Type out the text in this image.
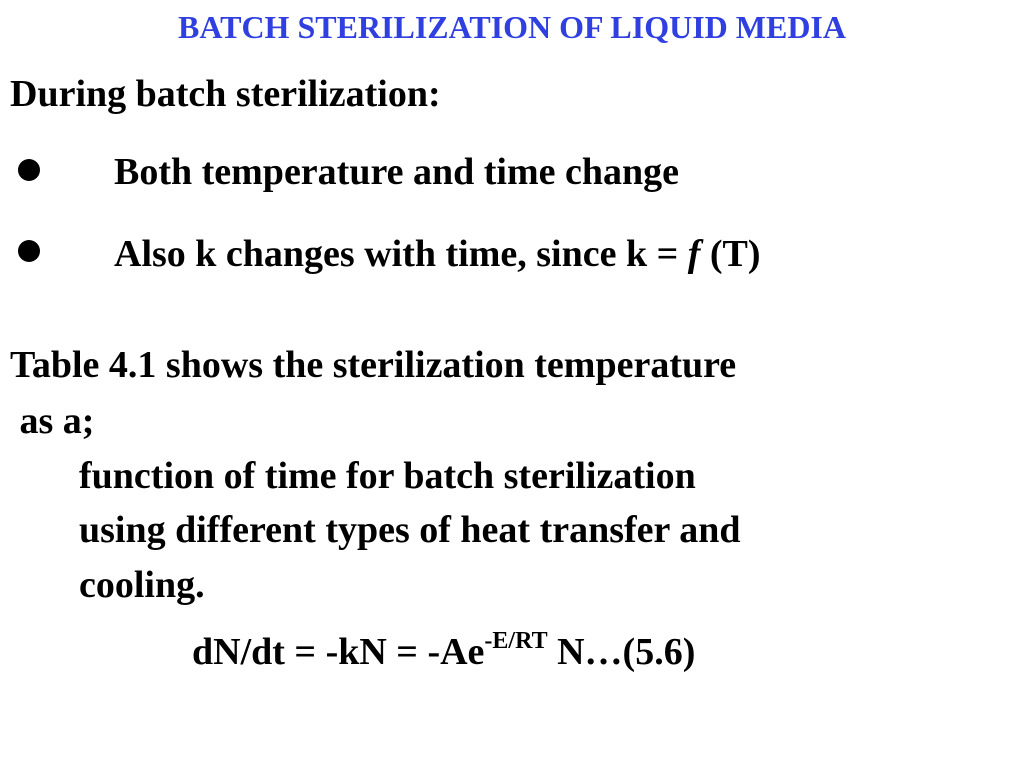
BATCH STERILIZATION OF LIQUID MEDIA
During batch sterilization:
Both temperature and time change
Also k changes with time, since k = f (T)
Table 4.1 shows the sterilization temperature
as a;
function of time for batch sterilization
using different types of heat transfer and
cooling.
$dN/dt = -kN = -Ae^{-E/RT}$ N…(5.6)
